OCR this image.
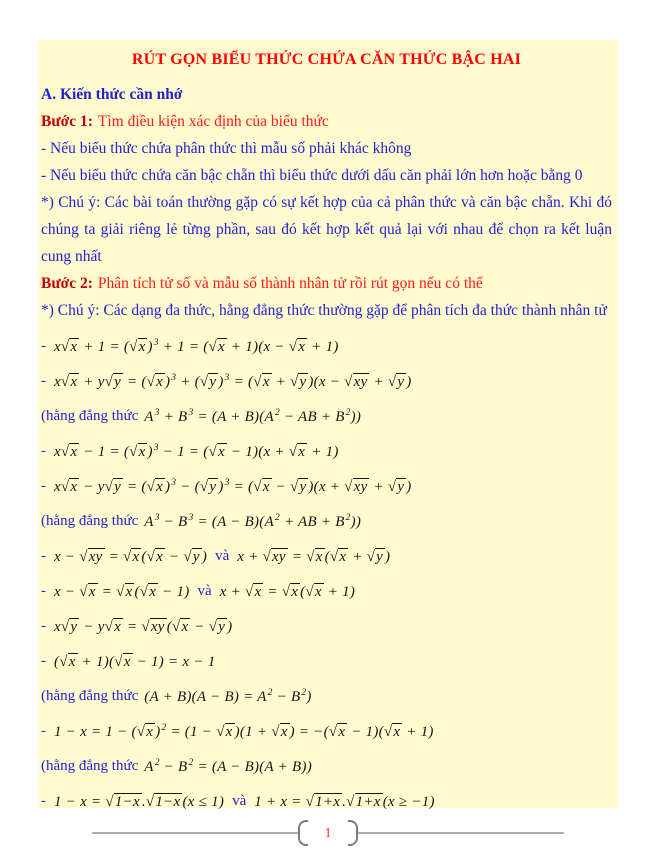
RÚT GỌN BIỂU THỨC CHỨA CĂN THỨC BẬC HAI
A. Kiến thức cần nhớ
Bước 1: Tìm điều kiện xác định của biểu thức
- Nếu biểu thức chứa phân thức thì mẫu số phải khác không
- Nếu biểu thức chứa căn bậc chẵn thì biểu thức dưới dấu căn phải lớn hơn hoặc bằng 0
*) Chú ý: Các bài toán thường gặp có sự kết hợp của cả phân thức và căn bậc chẵn. Khi đó chúng ta giải riêng lẻ từng phần, sau đó kết hợp kết quả lại với nhau để chọn ra kết luận cung nhất
Bước 2: Phân tích tử số và mẫu số thành nhân tử rồi rút gọn nếu có thể
*) Chú ý: Các dạng đa thức, hằng đẳng thức thường gặp để phân tích đa thức thành nhân tử
- x√x + 1 = (√x )$^3$ + 1 = (√x + 1)(x − √x + 1)
- x√x + y√y = (√x )$^3$ + (√y )$^3$ = (√x + √y )(x − √xy + √y )
(hằng đẳng thức $A^3 + B^3 = (A + B)(A^2$ − AB + $B^2$))
- x√x − 1 = (√x )$^3$ − 1 = (√x − 1)(x + √x + 1)
- x√x − y√y = (√x )$^3$ − (√y )$^3$ = (√x − √y )(x + √xy + √y )
(hằng đẳng thức $A^3 - B^3 = (A - B)(A^2$ + AB + $B^2$))
- x − √xy = √x (√x − √y ) và x + √xy = √x (√x + √y )
- x − √x = √x (√x − 1) và x + √x = √x (√x + 1)
- x√y − y√x = √xy (√x − √y )
- (√x + 1)(√x − 1) = x − 1
(hằng đẳng thức $(A + B)(A - B) = A^2 - B^2$)
- 1 − x = 1 − (√x )$^2$ = (1 − √x )(1 + √x ) = −(√x − 1)(√x + 1)
(hằng đẳng thức $A^2 - B^2 = (A - B)(A + B)$)
- 1 − x = √1−x .√1−x (x ≤ 1) và 1 + x = √1+x .√1+x (x ≥ −1)
1
